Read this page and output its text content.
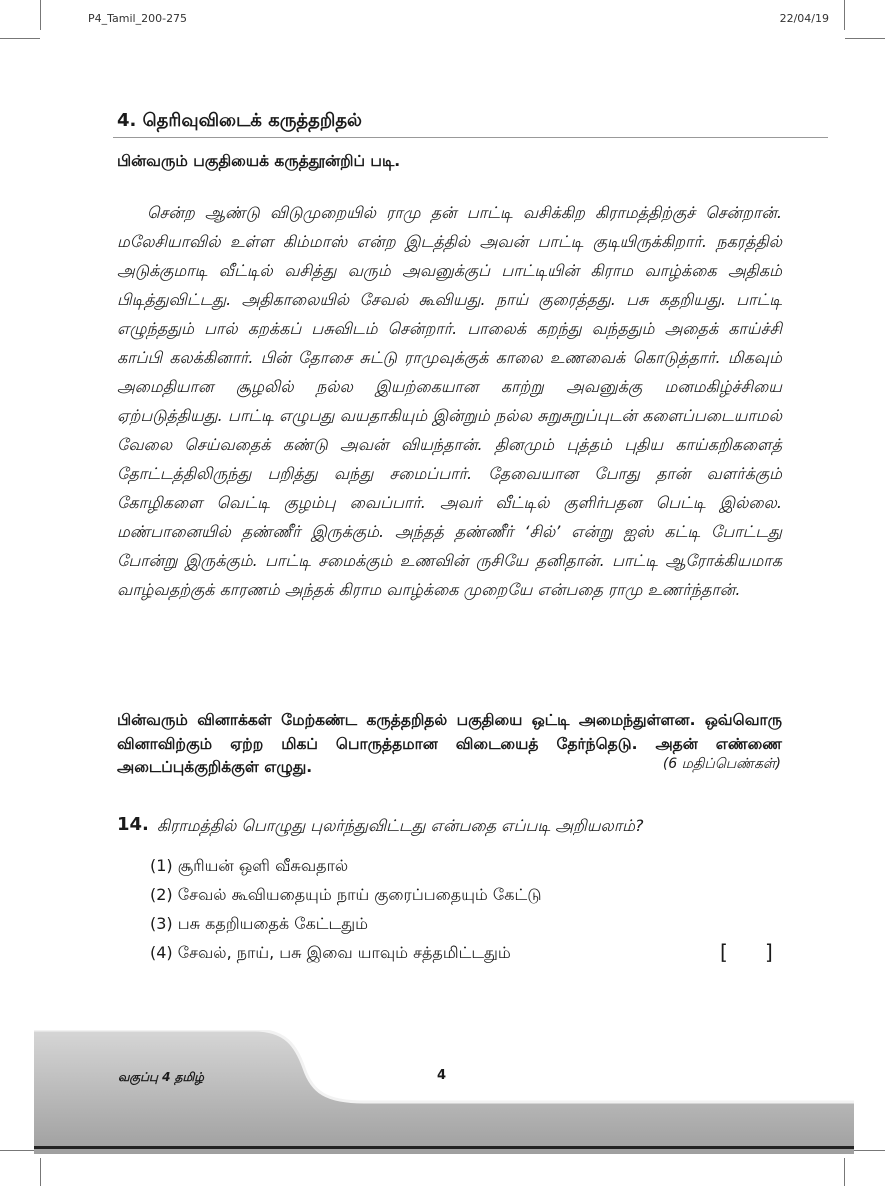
P4_Tamil_200-275	22/04/19
4. தெரிவுவிடைக் கருத்தறிதல்
பின்வரும் பகுதியைக் கருத்தூன்றிப் படி.

சென்ற ஆண்டு விடுமுறையில் ராமு தன் பாட்டி வசிக்கிற கிராமத்திற்குச் சென்றான். மலேசியாவில் உள்ள கிம்மாஸ் என்ற இடத்தில் அவன் பாட்டி குடியிருக்கிறார். நகரத்தில் அடுக்குமாடி வீட்டில் வசித்து வரும் அவனுக்குப் பாட்டியின் கிராம வாழ்க்கை அதிகம் பிடித்துவிட்டது. அதிகாலையில் சேவல் கூவியது. நாய் குரைத்தது. பசு கதறியது. பாட்டி எழுந்ததும் பால் கறக்கப் பசுவிடம் சென்றார். பாலைக் கறந்து வந்ததும் அதைக் காய்ச்சி காப்பி கலக்கினார். பின் தோசை சுட்டு ராமுவுக்குக் காலை உணவைக் கொடுத்தார். மிகவும் அமைதியான சூழலில் நல்ல இயற்கையான காற்று அவனுக்கு மனமகிழ்ச்சியை ஏற்படுத்தியது. பாட்டி எழுபது வயதாகியும் இன்றும் நல்ல சுறுசுறுப்புடன் களைப்படையாமல் வேலை செய்வதைக் கண்டு அவன் வியந்தான். தினமும் புத்தம் புதிய காய்கறிகளைத் தோட்டத்திலிருந்து பறித்து வந்து சமைப்பார். தேவையான போது தான் வளர்க்கும் கோழிகளை வெட்டி குழம்பு வைப்பார். அவர் வீட்டில் குளிர்பதன பெட்டி இல்லை. மண்பானையில் தண்ணீர் இருக்கும். அந்தத் தண்ணீர் ‘சில்’ என்று ஐஸ் கட்டி போட்டது போன்று இருக்கும். பாட்டி சமைக்கும் உணவின் ருசியே தனிதான். பாட்டி ஆரோக்கியமாக வாழ்வதற்குக் காரணம் அந்தக் கிராம வாழ்க்கை முறையே என்பதை ராமு உணர்ந்தான்.

பின்வரும் வினாக்கள் மேற்கண்ட கருத்தறிதல் பகுதியை ஒட்டி அமைந்துள்ளன. ஒவ்வொரு வினாவிற்கும் ஏற்ற மிகப் பொருத்தமான விடையைத் தேர்ந்தெடு. அதன் எண்ணை அடைப்புக்குறிக்குள் எழுது.	(6 மதிப்பெண்கள்)
14. கிராமத்தில் பொழுது புலர்ந்துவிட்டது என்பதை எப்படி அறியலாம்?
(1) சூரியன் ஒளி வீசுவதால்
(2) சேவல் கூவியதையும் நாய் குரைப்பதையும் கேட்டு
(3) பசு கதறியதைக் கேட்டதும்
(4) சேவல், நாய், பசு இவை யாவும் சத்தமிட்டதும்	[ ]
வகுப்பு 4 தமிழ்	4
